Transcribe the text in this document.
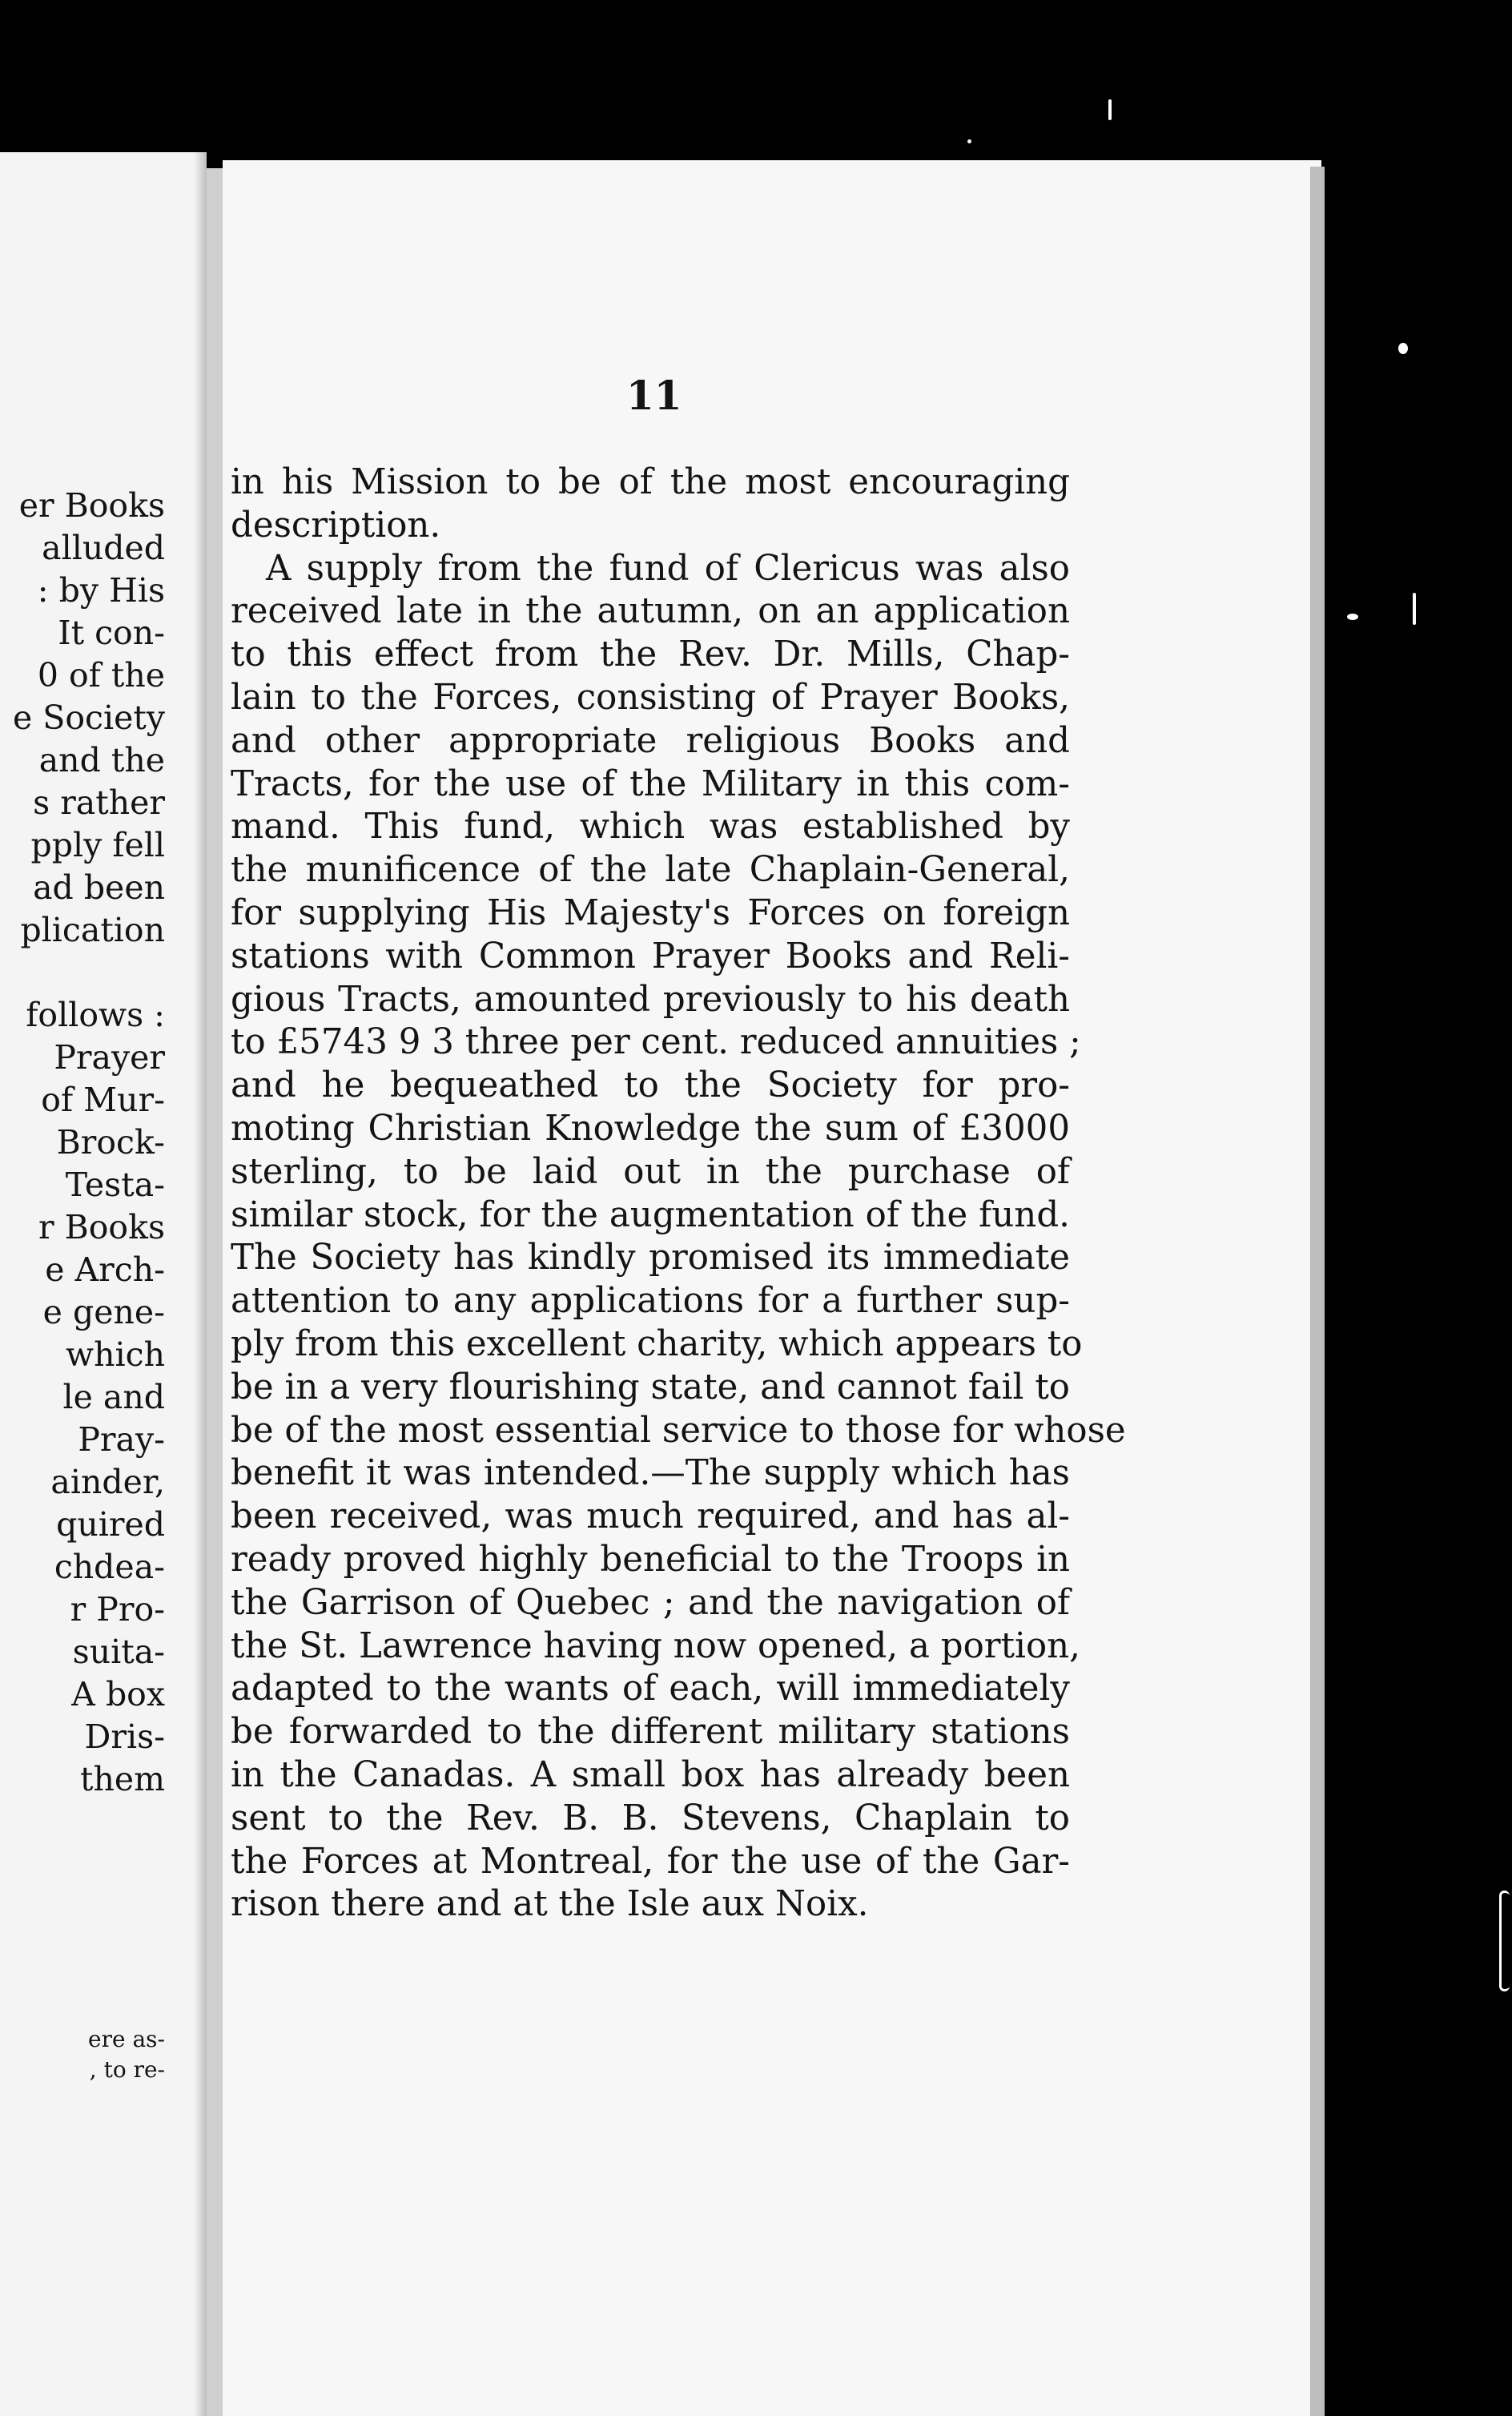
er Books
alluded
: by His
It con-
0 of the
e Society
and the
s rather
pply fell
ad been
plication
follows :
Prayer
of Mur-
Brock-
Testa-
r Books
e Arch-
e gene-
which
le and
Pray-
ainder,
quired
chdea-
r Pro-
suita-
A box
Dris-
them
ere as-
, to re-

11

in his Mission to be of the most encouraging
description.
A supply from the fund of Clericus was also
received late in the autumn, on an application
to this effect from the Rev. Dr. Mills, Chap-
lain to the Forces, consisting of Prayer Books,
and other appropriate religious Books and
Tracts, for the use of the Military in this com-
mand. This fund, which was established by
the munificence of the late Chaplain-General,
for supplying His Majesty's Forces on foreign
stations with Common Prayer Books and Reli-
gious Tracts, amounted previously to his death
to £5743 9 3 three per cent. reduced annuities ;
and he bequeathed to the Society for pro-
moting Christian Knowledge the sum of £3000
sterling, to be laid out in the purchase of
similar stock, for the augmentation of the fund.
The Society has kindly promised its immediate
attention to any applications for a further sup-
ply from this excellent charity, which appears to
be in a very flourishing state, and cannot fail to
be of the most essential service to those for whose
benefit it was intended.—The supply which has
been received, was much required, and has al-
ready proved highly beneficial to the Troops in
the Garrison of Quebec ; and the navigation of
the St. Lawrence having now opened, a portion,
adapted to the wants of each, will immediately
be forwarded to the different military stations
in the Canadas. A small box has already been
sent to the Rev. B. B. Stevens, Chaplain to
the Forces at Montreal, for the use of the Gar-
rison there and at the Isle aux Noix.
